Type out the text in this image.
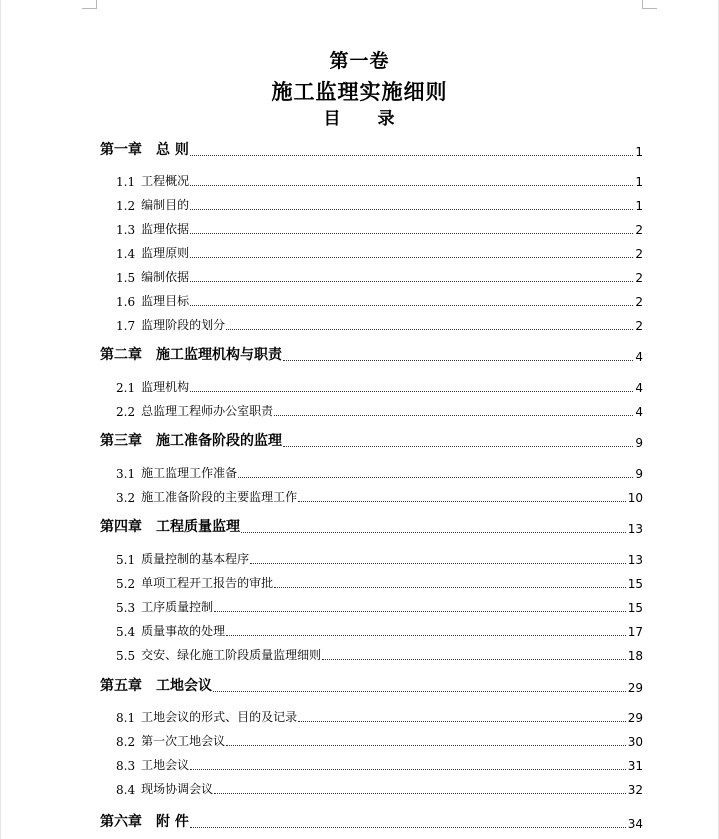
第一卷
施工监理实施细则
目 录
第一章 总 则	1
1.1 工程概况	1
1.2 编制目的	1
1.3 监理依据	2
1.4 监理原则	2
1.5 编制依据	2
1.6 监理目标	2
1.7 监理阶段的划分	2
第二章 施工监理机构与职责	4
2.1 监理机构	4
2.2 总监理工程师办公室职责	4
第三章 施工准备阶段的监理	9
3.1 施工监理工作准备	9
3.2 施工准备阶段的主要监理工作	10
第四章 工程质量监理	13
5.1 质量控制的基本程序	13
5.2 单项工程开工报告的审批	15
5.3 工序质量控制	15
5.4 质量事故的处理	17
5.5 交安、绿化施工阶段质量监理细则	18
第五章 工地会议	29
8.1 工地会议的形式、目的及记录	29
8.2 第一次工地会议	30
8.3 工地会议	31
8.4 现场协调会议	32
第六章 附 件	34
